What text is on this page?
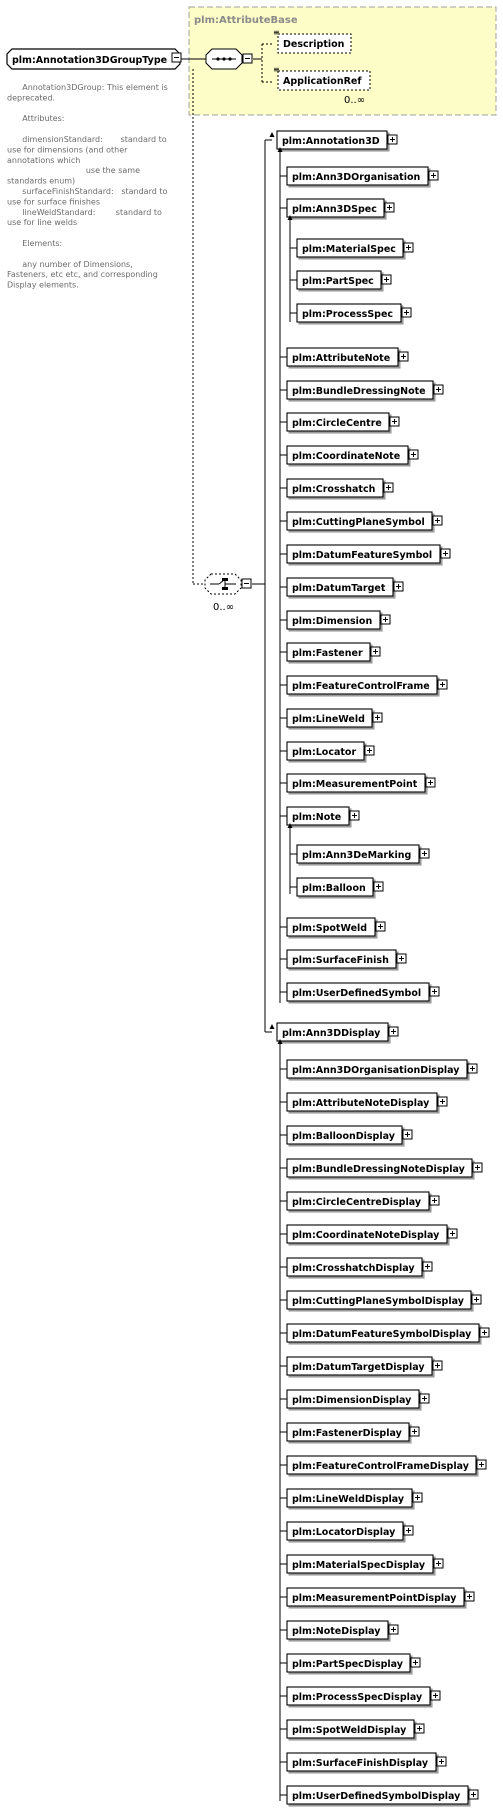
plm:AttributeBase
plm:Annotation3DGroupType
Annotation3DGroup: This element is deprecated.      Attributes:      dimensionStandard:       standard to use for dimensions (and other annotations which                               use the same standards enum)      surfaceFinishStandard:   standard to use for surface finishes      lineWeldStandard:        standard to use for line welds      Elements:      any number of Dimensions, Fasteners, etc etc, and corresponding Display elements.
Description
≡
ApplicationRef
≡
0..∞
0..∞
plm:Annotation3D
plm:Ann3DOrganisation
plm:Ann3DSpec
plm:AttributeNote
plm:BundleDressingNote
plm:CircleCentre
plm:CoordinateNote
plm:Crosshatch
plm:CuttingPlaneSymbol
plm:DatumFeatureSymbol
plm:DatumTarget
plm:Dimension
plm:Fastener
plm:FeatureControlFrame
plm:LineWeld
plm:Locator
plm:MeasurementPoint
plm:Note
plm:SpotWeld
plm:SurfaceFinish
plm:UserDefinedSymbol
plm:MaterialSpec
plm:PartSpec
plm:ProcessSpec
plm:Ann3DeMarking
plm:Balloon
plm:Ann3DDisplay
plm:Ann3DOrganisationDisplay
plm:AttributeNoteDisplay
plm:BalloonDisplay
plm:BundleDressingNoteDisplay
plm:CircleCentreDisplay
plm:CoordinateNoteDisplay
plm:CrosshatchDisplay
plm:CuttingPlaneSymbolDisplay
plm:DatumFeatureSymbolDisplay
plm:DatumTargetDisplay
plm:DimensionDisplay
plm:FastenerDisplay
plm:FeatureControlFrameDisplay
plm:LineWeldDisplay
plm:LocatorDisplay
plm:MaterialSpecDisplay
plm:MeasurementPointDisplay
plm:NoteDisplay
plm:PartSpecDisplay
plm:ProcessSpecDisplay
plm:SpotWeldDisplay
plm:SurfaceFinishDisplay
plm:UserDefinedSymbolDisplay
